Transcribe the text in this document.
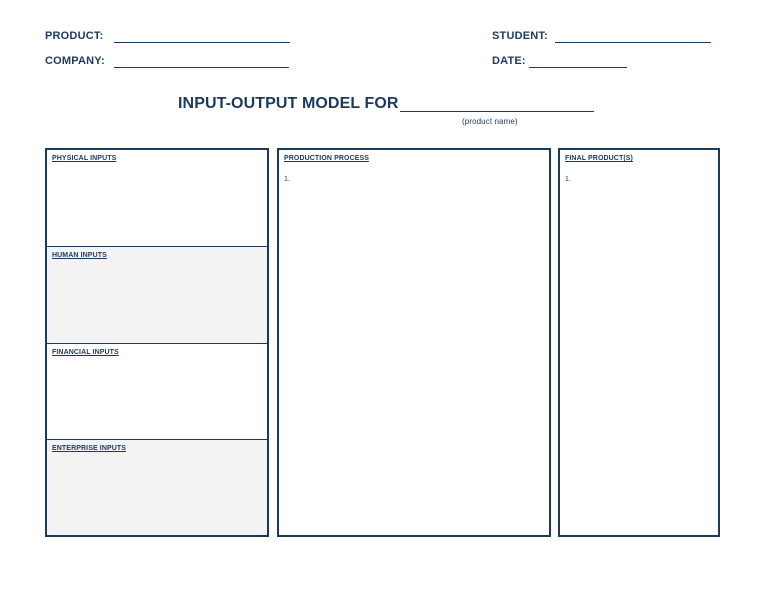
PRODUCT:
COMPANY:
STUDENT:
DATE:
INPUT-OUTPUT MODEL FOR
(product name)
PHYSICAL INPUTS
HUMAN INPUTS
FINANCIAL INPUTS
ENTERPRISE INPUTS
PRODUCTION PROCESS
1.
FINAL PRODUCT(S)
1.
